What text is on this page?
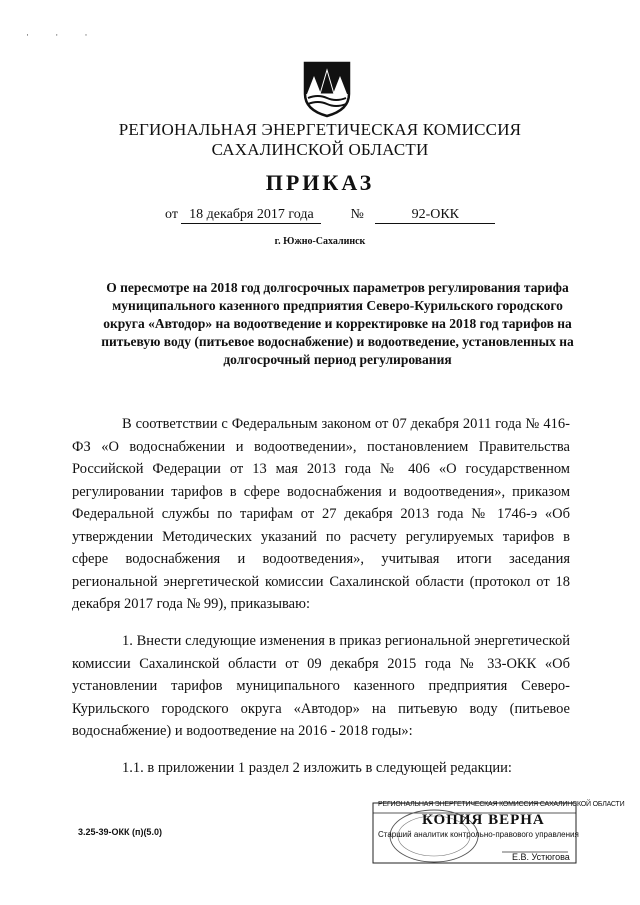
· · ·
РЕГИОНАЛЬНАЯ ЭНЕРГЕТИЧЕСКАЯ КОМИССИЯ
САХАЛИНСКОЙ ОБЛАСТИ
ПРИКАЗ
от 18 декабря 2017 года	№	92-ОКК
г. Южно-Сахалинск
О пересмотре на 2018 год долгосрочных параметров регулирования тарифа муниципального казенного предприятия Северо-Курильского городского округа «Автодор» на водоотведение и корректировке на 2018 год тарифов на питьевую воду (питьевое водоснабжение) и водоотведение, установленных на долгосрочный период регулирования
В соответствии с Федеральным законом от 07 декабря 2011 года № 416-ФЗ «О водоснабжении и водоотведении», постановлением Правительства Российской Федерации от 13 мая 2013 года № 406 «О государственном регулировании тарифов в сфере водоснабжения и водоотведения», приказом Федеральной службы по тарифам от 27 декабря 2013 года № 1746-э «Об утверждении Методических указаний по расчету регулируемых тарифов в сфере водоснабжения и водоотведения», учитывая итоги заседания региональной энергетической комиссии Сахалинской области (протокол от 18 декабря 2017 года № 99), приказываю:
1. Внести следующие изменения в приказ региональной энергетической комиссии Сахалинской области от 09 декабря 2015 года № 33-ОКК «Об установлении тарифов муниципального казенного предприятия Северо-Курильского городского округа «Автодор» на питьевую воду (питьевое водоснабжение) и водоотведение на 2016 - 2018 годы»:
1.1. в приложении 1 раздел 2 изложить в следующей редакции:
3.25-39-ОКК (п)(5.0)
РЕГИОНАЛЬНАЯ ЭНЕРГЕТИЧЕСКАЯ КОМИССИЯ САХАЛИНСКОЙ ОБЛАСТИ
КОПИЯ ВЕРНА
Старший аналитик контрольно-правового управления
Е.В. Устюгова
